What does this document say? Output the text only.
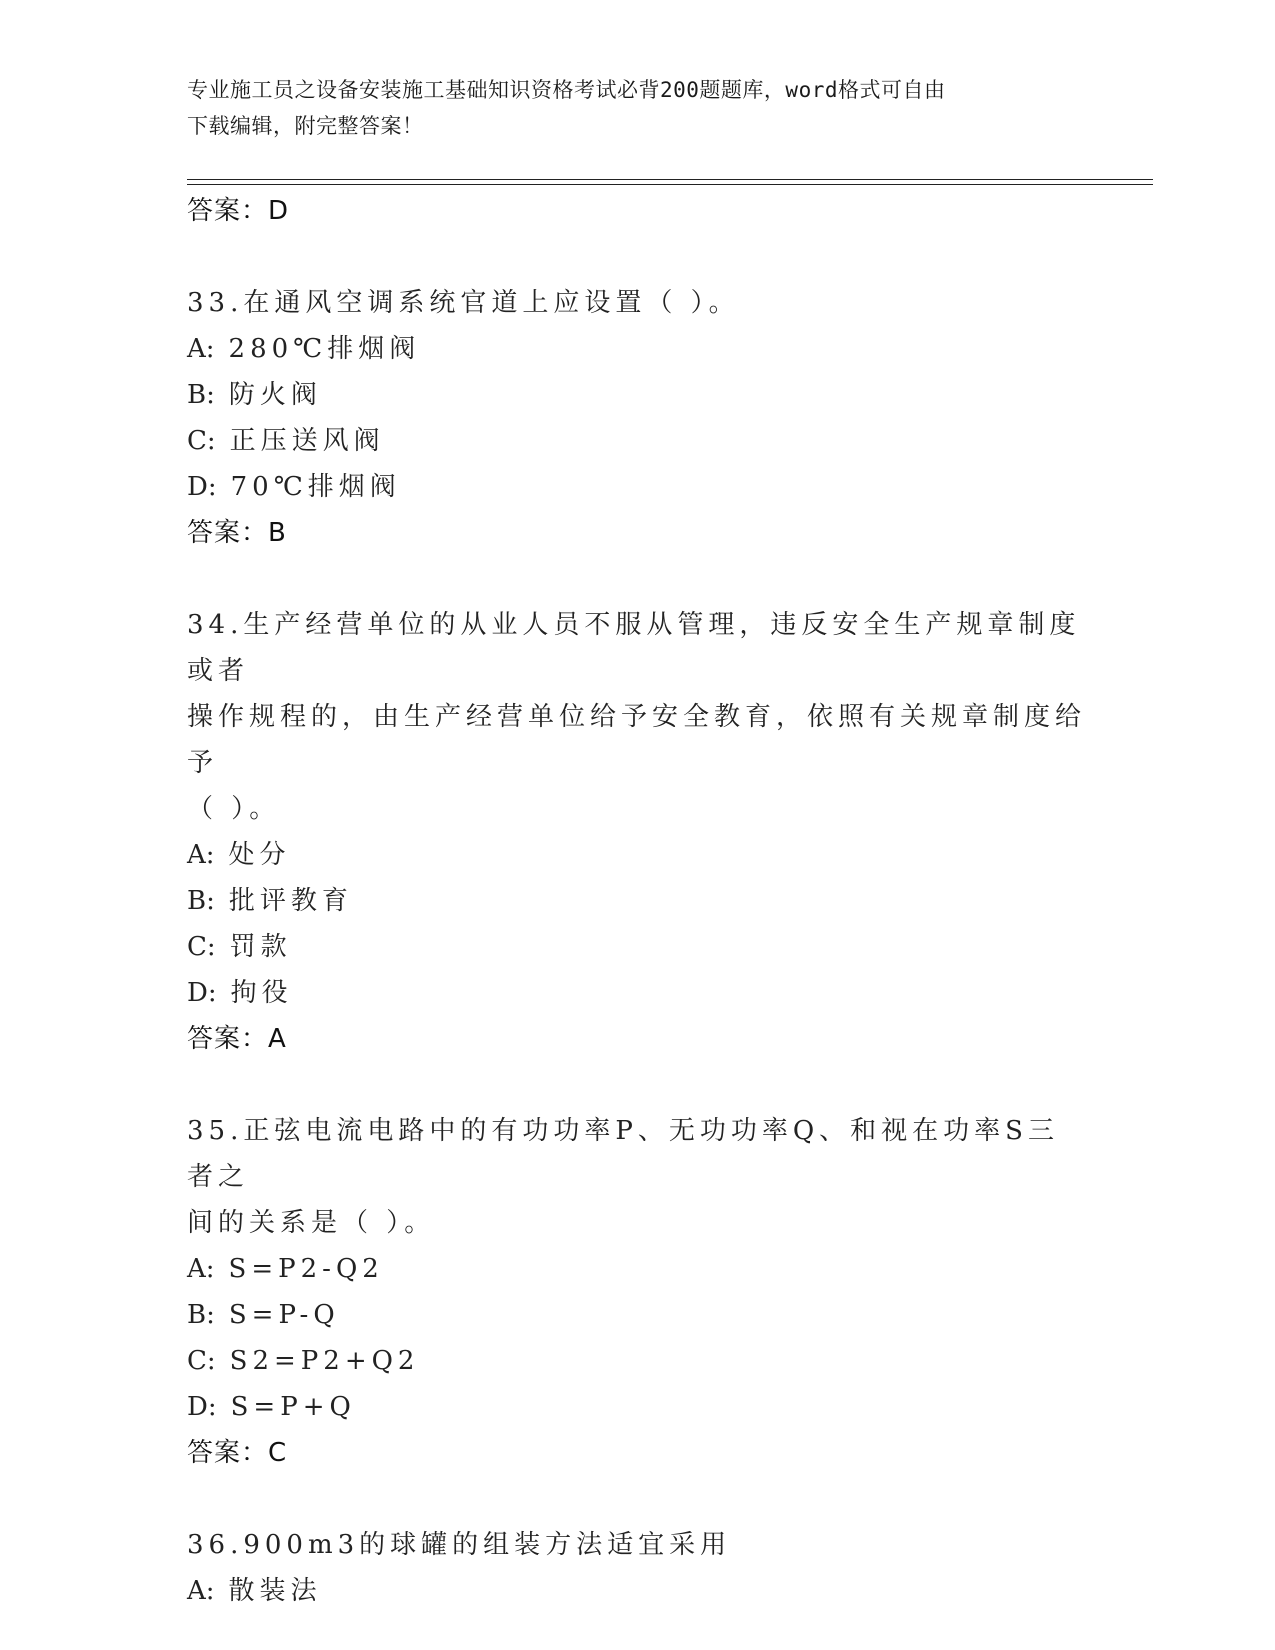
专业施工员之设备安装施工基础知识资格考试必背200题题库，word格式可自由
下载编辑，附完整答案！
答案：D
33.在通风空调系统官道上应设置（ ）。
A: 280℃排烟阀
B: 防火阀
C: 正压送风阀
D: 70℃排烟阀
答案：B
34.生产经营单位的从业人员不服从管理，违反安全生产规章制度或者
操作规程的，由生产经营单位给予安全教育，依照有关规章制度给予
（ ）。
A: 处分
B: 批评教育
C: 罚款
D: 拘役
答案：A
35.正弦电流电路中的有功功率P、无功功率Q、和视在功率S三者之
间的关系是（ ）。
A: S=P2-Q2
B: S=P-Q
C: S2=P2+Q2
D: S=P+Q
答案：C
36.900m3的球罐的组装方法适宜采用
A: 散装法
